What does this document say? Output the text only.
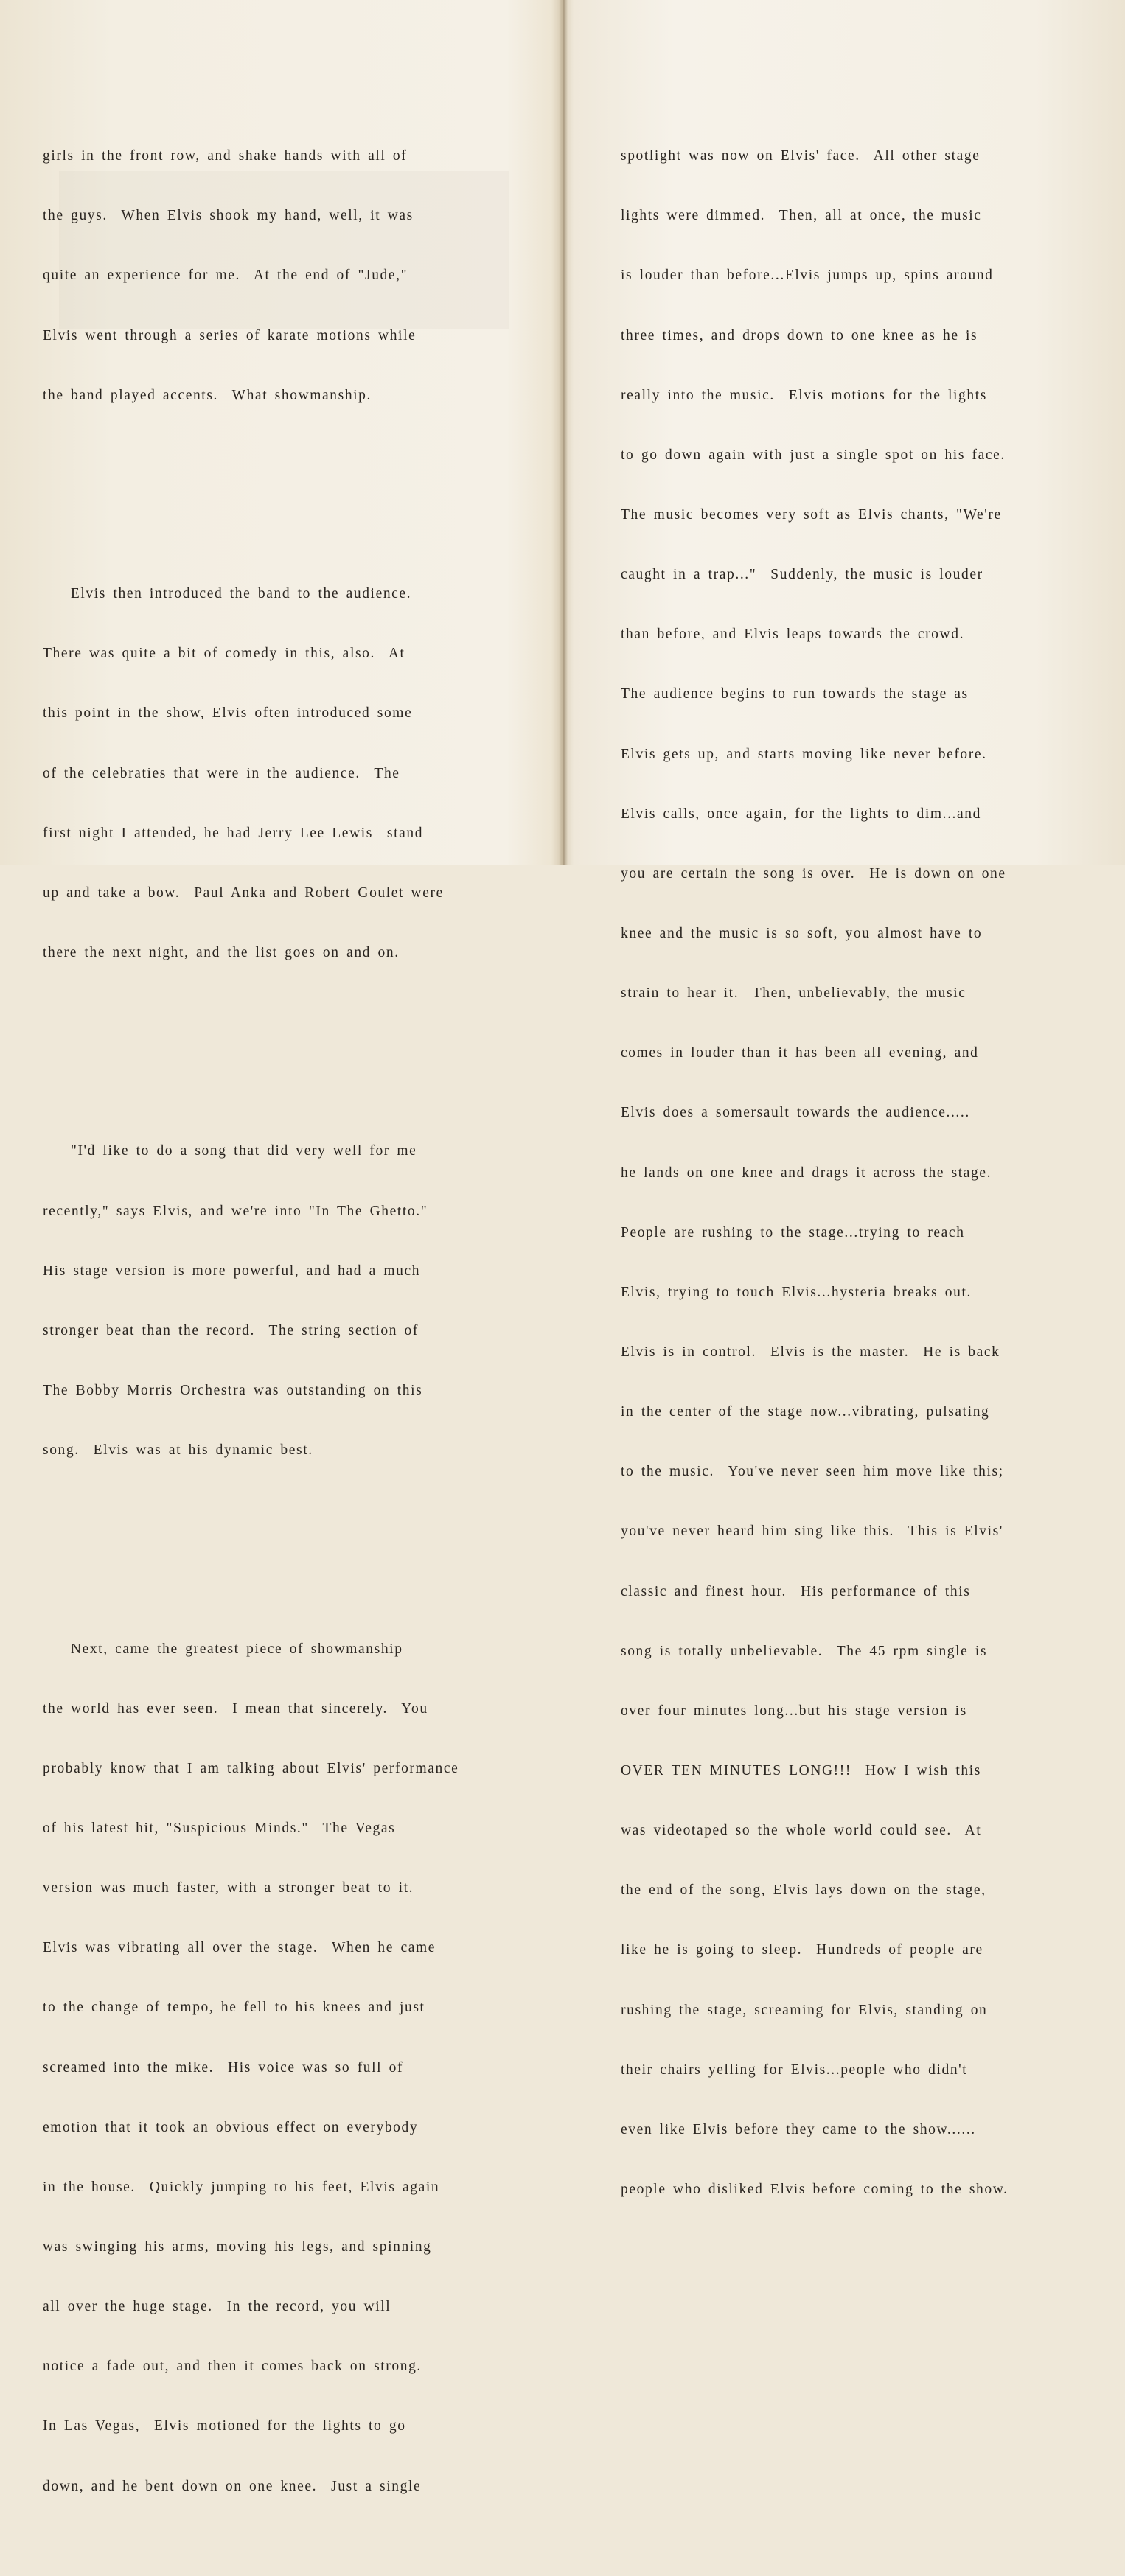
girls in the front row, and shake hands with all of

the guys.  When Elvis shook my hand, well, it was

quite an experience for me.  At the end of "Jude,"

Elvis went through a series of karate motions while

the band played accents.  What showmanship.

Elvis then introduced the band to the audience.

There was quite a bit of comedy in this, also.  At

this point in the show, Elvis often introduced some

of the celebraties that were in the audience.  The

first night I attended, he had Jerry Lee Lewis  stand

up and take a bow.  Paul Anka and Robert Goulet were

there the next night, and the list goes on and on.

"I'd like to do a song that did very well for me

recently," says Elvis, and we're into "In The Ghetto."

His stage version is more powerful, and had a much

stronger beat than the record.  The string section of

The Bobby Morris Orchestra was outstanding on this

song.  Elvis was at his dynamic best.

Next, came the greatest piece of showmanship

the world has ever seen.  I mean that sincerely.  You

probably know that I am talking about Elvis' performance

of his latest hit, "Suspicious Minds."  The Vegas

version was much faster, with a stronger beat to it.

Elvis was vibrating all over the stage.  When he came

to the change of tempo, he fell to his knees and just

screamed into the mike.  His voice was so full of

emotion that it took an obvious effect on everybody

in the house.  Quickly jumping to his feet, Elvis again

was swinging his arms, moving his legs, and spinning

all over the huge stage.  In the record, you will

notice a fade out, and then it comes back on strong.

In Las Vegas,  Elvis motioned for the lights to go

down, and he bent down on one knee.  Just a single

spotlight was now on Elvis' face.  All other stage

lights were dimmed.  Then, all at once, the music

is louder than before...Elvis jumps up, spins around

three times, and drops down to one knee as he is

really into the music.  Elvis motions for the lights

to go down again with just a single spot on his face.

The music becomes very soft as Elvis chants, "We're

caught in a trap..."  Suddenly, the music is louder

than before, and Elvis leaps towards the crowd.

The audience begins to run towards the stage as

Elvis gets up, and starts moving like never before.

Elvis calls, once again, for the lights to dim...and

you are certain the song is over.  He is down on one

knee and the music is so soft, you almost have to

strain to hear it.  Then, unbelievably, the music

comes in louder than it has been all evening, and

Elvis does a somersault towards the audience.....

he lands on one knee and drags it across the stage.

People are rushing to the stage...trying to reach

Elvis, trying to touch Elvis...hysteria breaks out.

Elvis is in control.  Elvis is the master.  He is back

in the center of the stage now...vibrating, pulsating

to the music.  You've never seen him move like this;

you've never heard him sing like this.  This is Elvis'

classic and finest hour.  His performance of this

song is totally unbelievable.  The 45 rpm single is

over four minutes long...but his stage version is

OVER TEN MINUTES LONG!!!  How I wish this

was videotaped so the whole world could see.  At

the end of the song, Elvis lays down on the stage,

like he is going to sleep.  Hundreds of people are

rushing the stage, screaming for Elvis, standing on

their chairs yelling for Elvis...people who didn't

even like Elvis before they came to the show......

people who disliked Elvis before coming to the show.
